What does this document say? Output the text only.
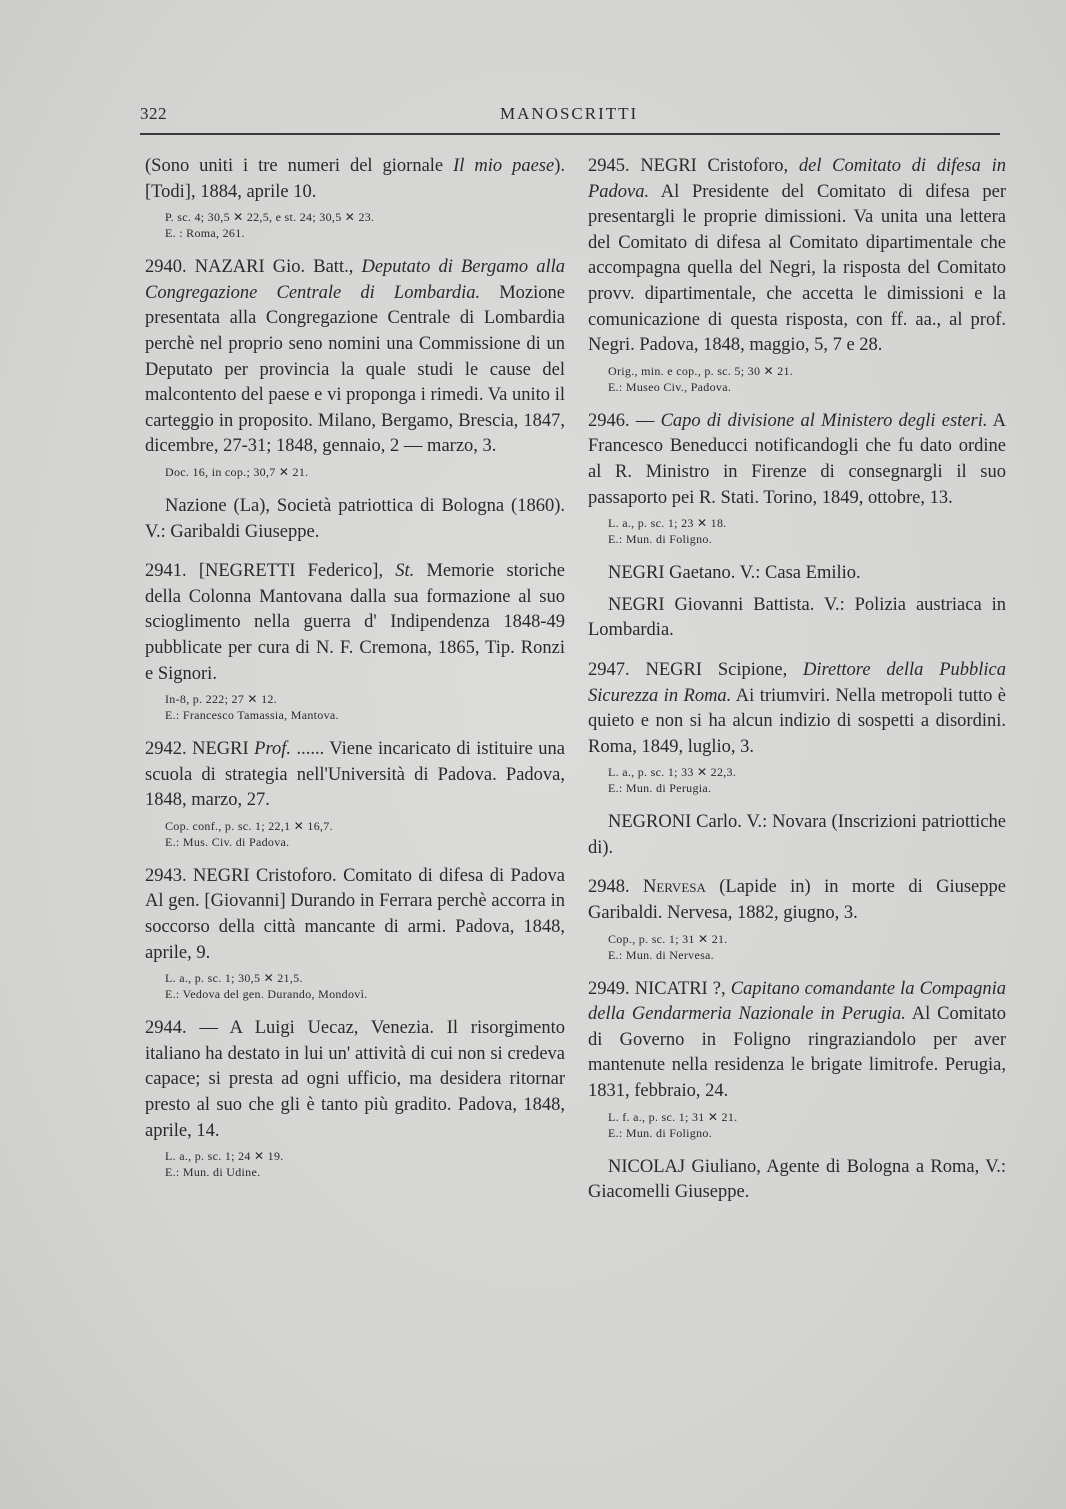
322	MANOSCRITTI
(Sono uniti i tre numeri del giornale Il mio paese). [Todi], 1884, aprile 10.
P. sc. 4; 30,5 ✕ 22,5, e st. 24; 30,5 ✕ 23.
E. : Roma, 261.
2940. NAZARI Gio. Batt., Deputato di Bergamo alla Congregazione Centrale di Lombardia. Mozione presentata alla Congregazione Centrale di Lombardia perchè nel proprio seno nomini una Commissione di un Deputato per provincia la quale studi le cause del malcontento del paese e vi proponga i rimedi. Va unito il carteggio in proposito. Milano, Bergamo, Brescia, 1847, dicembre, 27-31; 1848, gennaio, 2 — marzo, 3.
Doc. 16, in cop.; 30,7 ✕ 21.
Nazione (La), Società patriottica di Bologna (1860). V.: Garibaldi Giuseppe.
2941. [NEGRETTI Federico], St. Memorie storiche della Colonna Mantovana dalla sua formazione al suo scioglimento nella guerra d' Indipendenza 1848-49 pubblicate per cura di N. F. Cremona, 1865, Tip. Ronzi e Signori.
In-8, p. 222; 27 ✕ 12.
E.: Francesco Tamassia, Mantova.
2942. NEGRI Prof. ...... Viene incaricato di istituire una scuola di strategia nell'Università di Padova. Padova, 1848, marzo, 27.
Cop. conf., p. sc. 1; 22,1 ✕ 16,7.
E.: Mus. Civ. di Padova.
2943. NEGRI Cristoforo. Comitato di difesa di Padova Al gen. [Giovanni] Durando in Ferrara perchè accorra in soccorso della città mancante di armi. Padova, 1848, aprile, 9.
L. a., p. sc. 1; 30,5 ✕ 21,5.
E.: Vedova del gen. Durando, Mondovì.
2944. — A Luigi Uecaz, Venezia. Il risorgimento italiano ha destato in lui un' attività di cui non si credeva capace; si presta ad ogni ufficio, ma desidera ritornar presto al suo che gli è tanto più gradito. Padova, 1848, aprile, 14.
L. a., p. sc. 1; 24 ✕ 19.
E.: Mun. di Udine.
2945. NEGRI Cristoforo, del Comitato di difesa in Padova. Al Presidente del Comitato di difesa per presentargli le proprie dimissioni. Va unita una lettera del Comitato di difesa al Comitato dipartimentale che accompagna quella del Negri, la risposta del Comitato provv. dipartimentale, che accetta le dimissioni e la comunicazione di questa risposta, con ff. aa., al prof. Negri. Padova, 1848, maggio, 5, 7 e 28.
Orig., min. e cop., p. sc. 5; 30 ✕ 21.
E.: Museo Civ., Padova.
2946. — Capo di divisione al Ministero degli esteri. A Francesco Beneducci notificandogli che fu dato ordine al R. Ministro in Firenze di consegnargli il suo passaporto pei R. Stati. Torino, 1849, ottobre, 13.
L. a., p. sc. 1; 23 ✕ 18.
E.: Mun. di Foligno.
NEGRI Gaetano. V.: Casa Emilio.
NEGRI Giovanni Battista. V.: Polizia austriaca in Lombardia.
2947. NEGRI Scipione, Direttore della Pubblica Sicurezza in Roma. Ai triumviri. Nella metropoli tutto è quieto e non si ha alcun indizio di sospetti a disordini. Roma, 1849, luglio, 3.
L. a., p. sc. 1; 33 ✕ 22,3.
E.: Mun. di Perugia.
NEGRONI Carlo. V.: Novara (Inscrizioni patriottiche di).
2948. Nervesa (Lapide in) in morte di Giuseppe Garibaldi. Nervesa, 1882, giugno, 3.
Cop., p. sc. 1; 31 ✕ 21.
E.: Mun. di Nervesa.
2949. NICATRI ?, Capitano comandante la Compagnia della Gendarmeria Nazionale in Perugia. Al Comitato di Governo in Foligno ringraziandolo per aver mantenute nella residenza le brigate limitrofe. Perugia, 1831, febbraio, 24.
L. f. a., p. sc. 1; 31 ✕ 21.
E.: Mun. di Foligno.
NICOLAJ Giuliano, Agente di Bologna a Roma, V.: Giacomelli Giuseppe.
